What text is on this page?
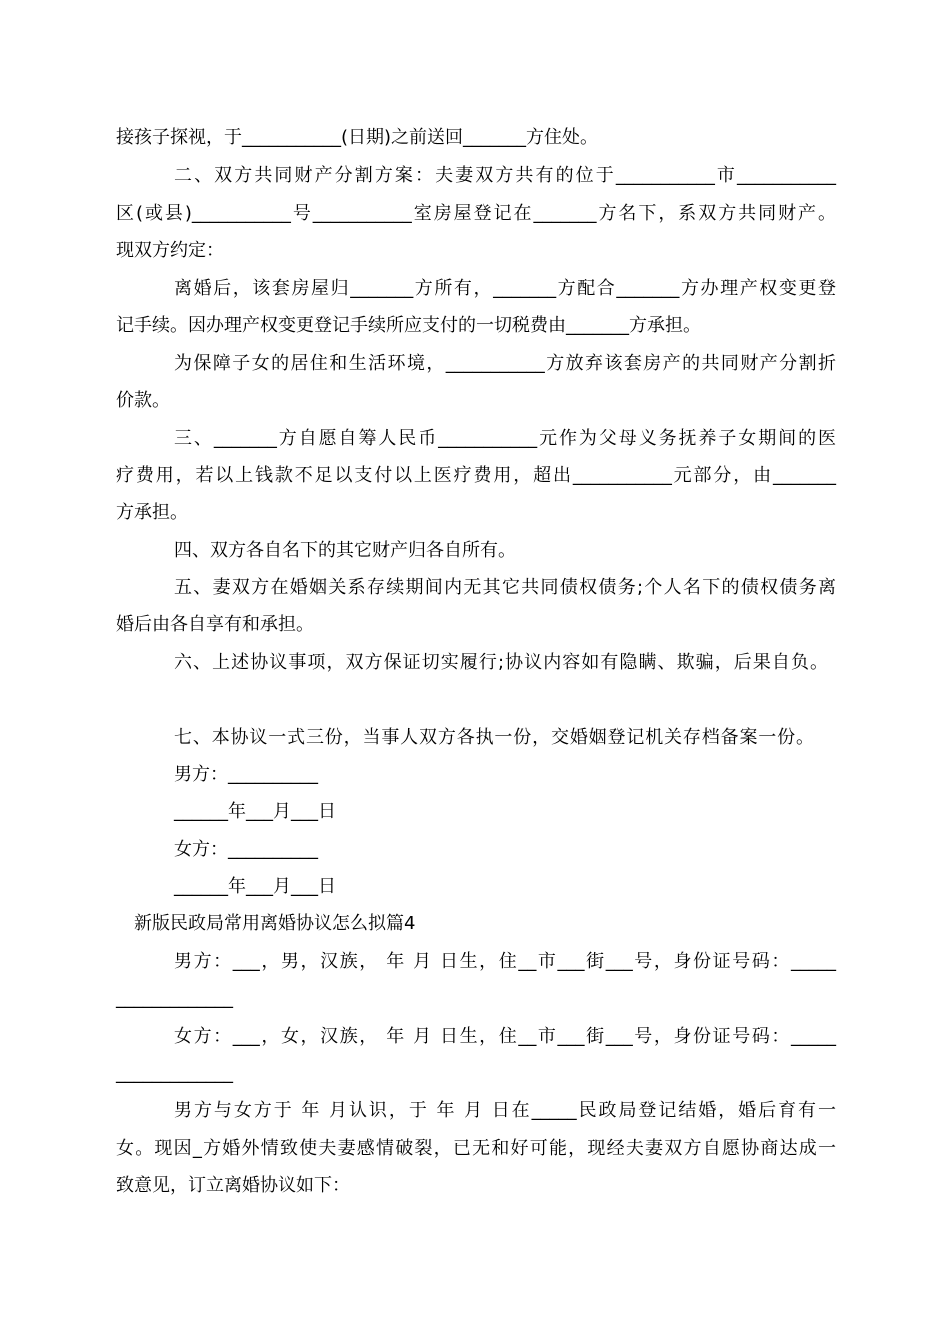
接孩子探视，于___________(日期)之前送回_______方住处。
二、双方共同财产分割方案：夫妻双方共有的位于___________市___________
区(或县)___________号___________室房屋登记在_______方名下，系双方共同财产。
现双方约定：
离婚后，该套房屋归_______方所有，_______方配合_______方办理产权变更登
记手续。因办理产权变更登记手续所应支付的一切税费由_______方承担。
为保障子女的居住和生活环境，___________方放弃该套房产的共同财产分割折
价款。
三、_______方自愿自筹人民币___________元作为父母义务抚养子女期间的医
疗费用，若以上钱款不足以支付以上医疗费用，超出___________元部分，由_______
方承担。
四、双方各自名下的其它财产归各自所有。
五、妻双方在婚姻关系存续期间内无其它共同债权债务;个人名下的债权债务离
婚后由各自享有和承担。
六、上述协议事项，双方保证切实履行;协议内容如有隐瞒、欺骗，后果自负。
七、本协议一式三份，当事人双方各执一份，交婚姻登记机关存档备案一份。
男方：__________
______年___月___日
女方：__________
______年___月___日
新版民政局常用离婚协议怎么拟篇4
男方：___，男，汉族， 年 月 日生，住__市___街___号，身份证号码：_____
_____________
女方：___，女，汉族， 年 月 日生，住__市___街___号，身份证号码：_____
_____________
男方与女方于 年 月认识，于 年 月 日在_____民政局登记结婚，婚后育有一
女。现因_方婚外情致使夫妻感情破裂，已无和好可能，现经夫妻双方自愿协商达成一
致意见，订立离婚协议如下：
